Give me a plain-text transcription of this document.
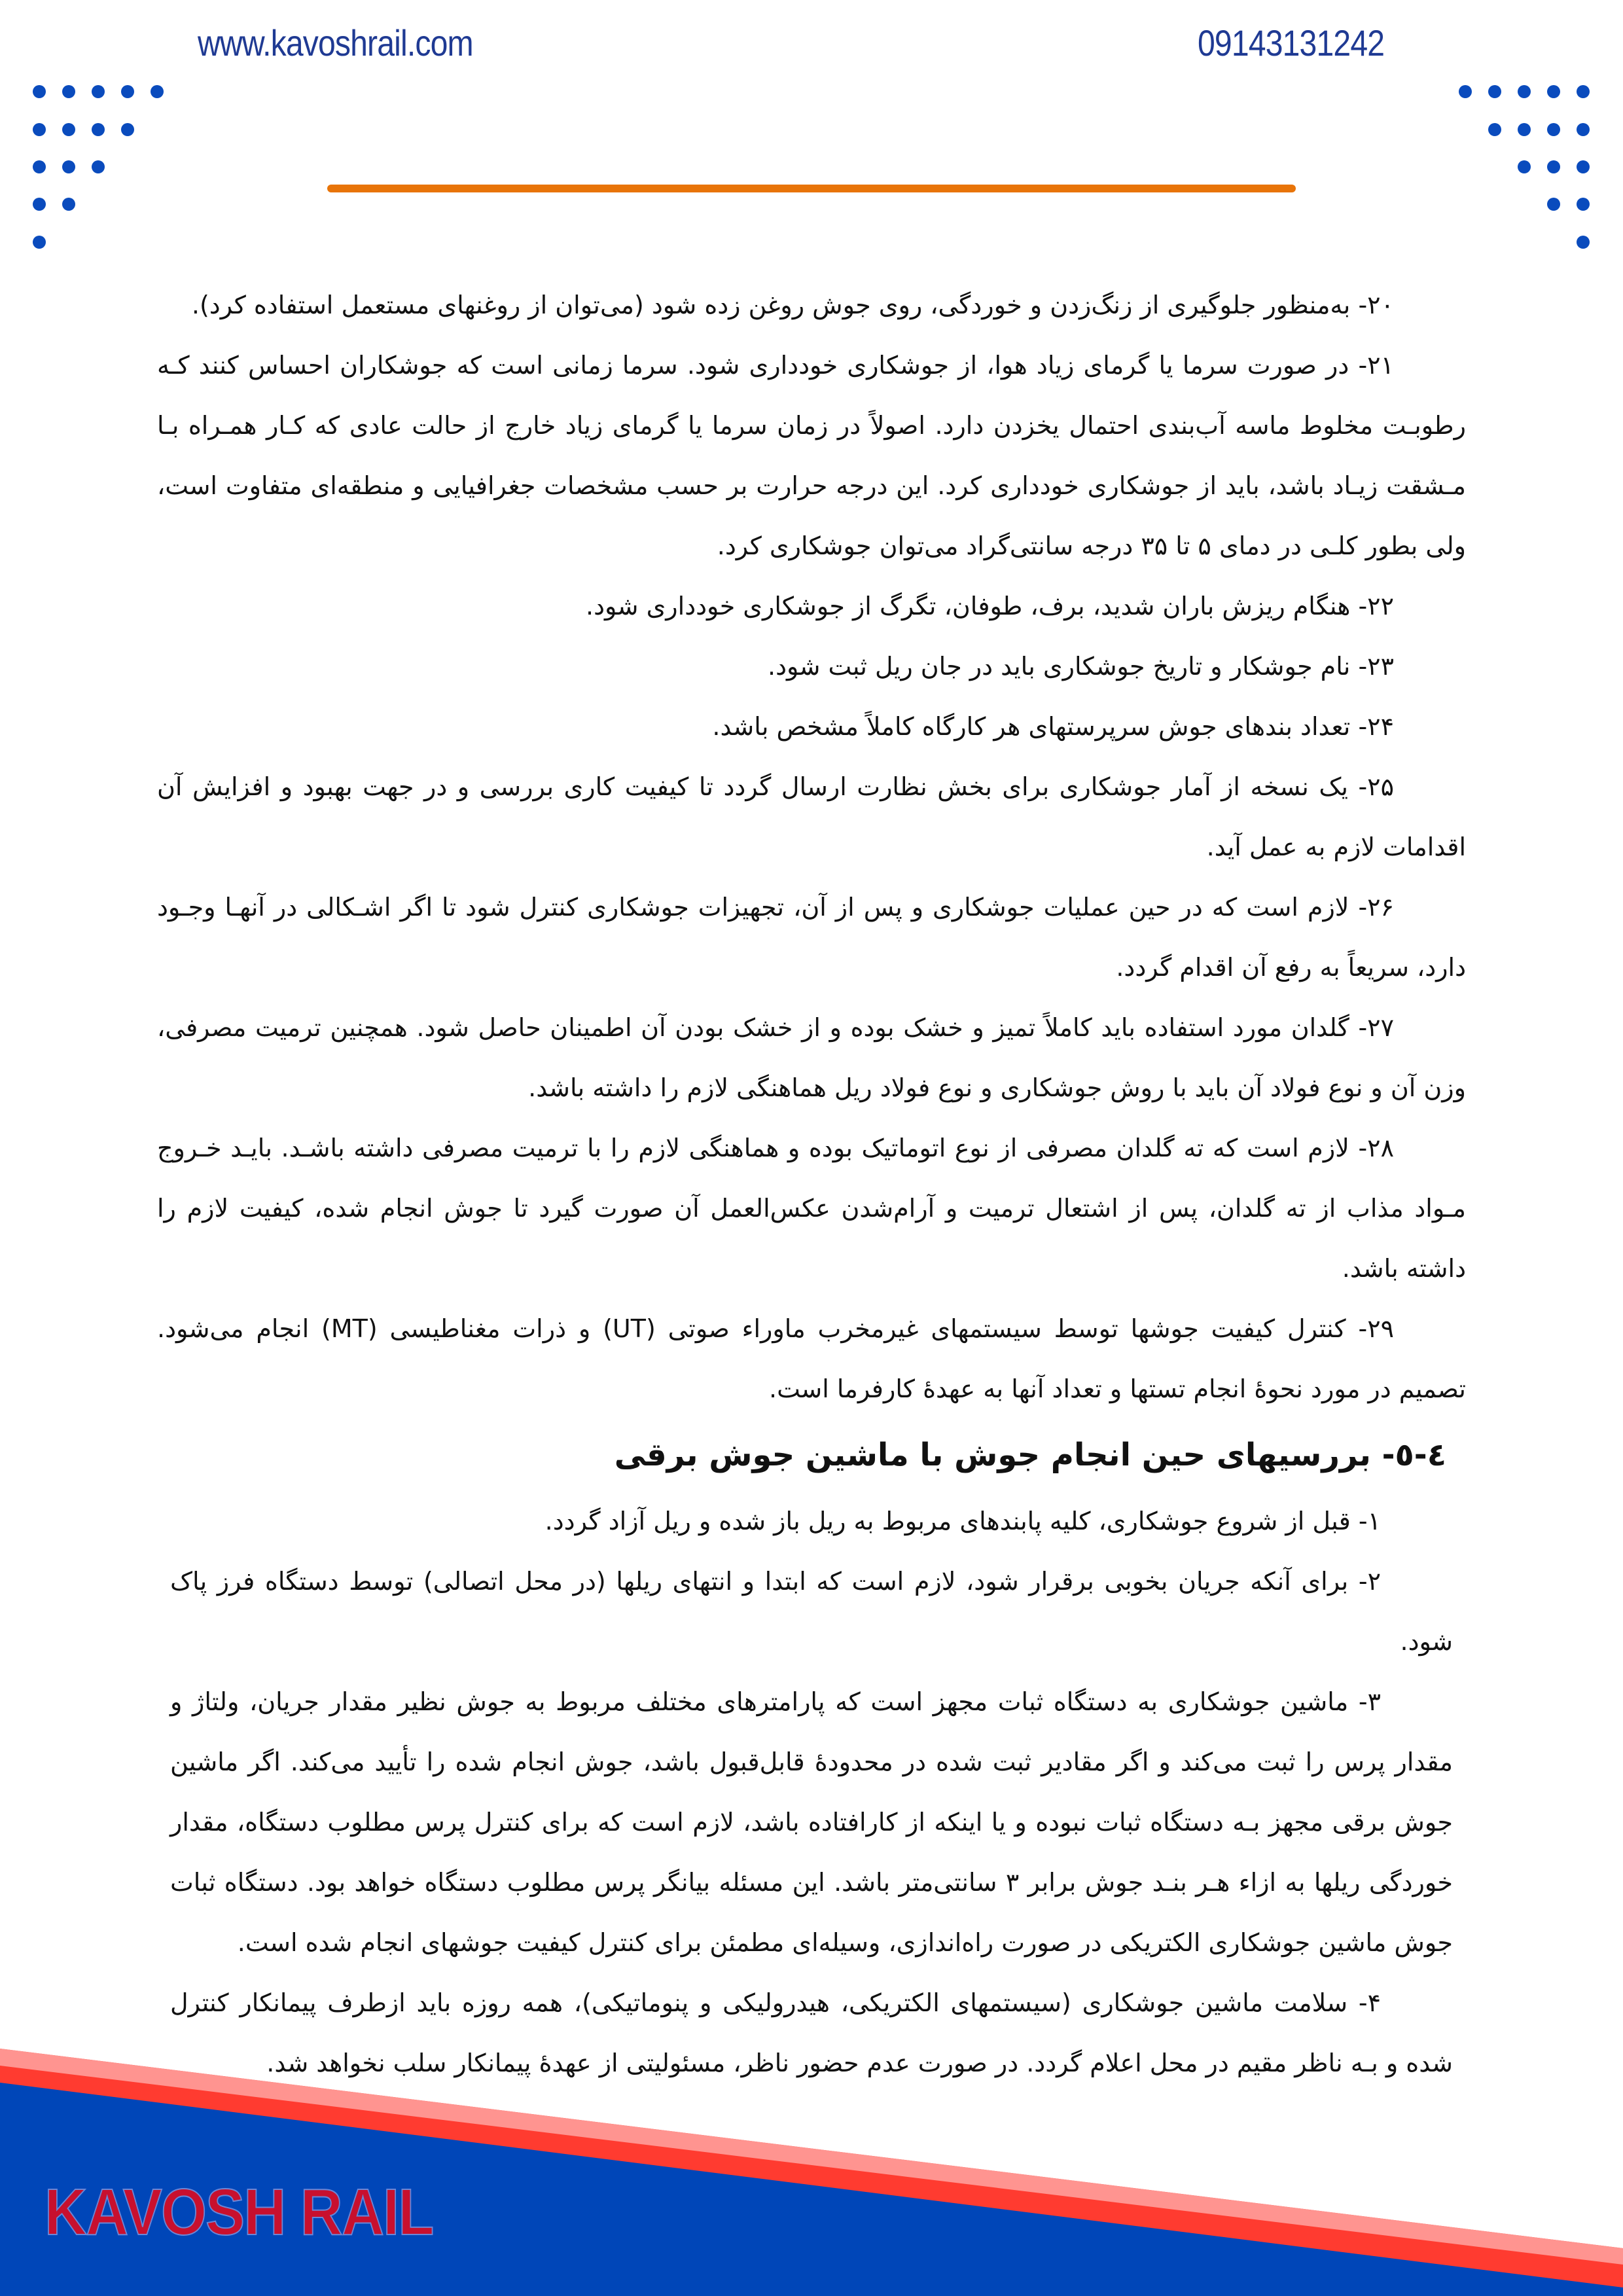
www.kavoshrail.com	09143131242

۲۰- به‌منظور جلوگیری از زنگ‌زدن و خوردگی، روی جوش روغن زده شود (می‌توان از روغنهای مستعمل استفاده کرد).

۲۱- در صورت سرما یا گرمای زیاد هوا، از جوشکاری خودداری شود. سرما زمانی است که جوشکاران احساس کنند کـه رطوبـت مخلوط ماسه آب‌بندی احتمال یخزدن دارد. اصولاً در زمان سرما یا گرمای زیاد خارج از حالت عادی که کـار همـراه بـا مـشقت زیـاد باشد، باید از جوشکاری خودداری کرد. این درجه حرارت بر حسب مشخصات جغرافیایی و منطقه‌ای متفاوت است، ولی بطور کلـی در دمای ۵ تا ۳۵ درجه سانتی‌گراد می‌توان جوشکاری کرد.

۲۲- هنگام ریزش باران شدید، برف، طوفان، تگرگ از جوشکاری خودداری شود.

۲۳- نام جوشکار و تاریخ جوشکاری باید در جان ریل ثبت شود.

۲۴- تعداد بندهای جوش سرپرستهای هر کارگاه کاملاً مشخص باشد.

۲۵- یک نسخه از آمار جوشکاری برای بخش نظارت ارسال گردد تا کیفیت کاری بررسی و در جهت بهبود و افزایش آن اقدامات لازم به عمل آید.

۲۶- لازم است که در حین عملیات جوشکاری و پس از آن، تجهیزات جوشکاری کنترل شود تا اگر اشـکالی در آنهـا وجـود دارد، سریعاً به رفع آن اقدام گردد.

۲۷- گلدان مورد استفاده باید کاملاً تمیز و خشک بوده و از خشک بودن آن اطمینان حاصل شود. همچنین ترمیت مصرفی، وزن آن و نوع فولاد آن باید با روش جوشکاری و نوع فولاد ریل هماهنگی لازم را داشته باشد.

۲۸- لازم است که ته گلدان مصرفی از نوع اتوماتیک بوده و هماهنگی لازم را با ترمیت مصرفی داشته باشـد. بایـد خـروج مـواد مذاب از ته گلدان، پس از اشتعال ترمیت و آرام‌شدن عکس‌العمل آن صورت گیرد تا جوش انجام شده، کیفیت لازم را داشته باشد.

۲۹- کنترل کیفیت جوشها توسط سیستمهای غیرمخرب ماوراء صوتی (UT) و ذرات مغناطیسی (MT) انجام می‌شود. تصمیم در مورد نحوهٔ انجام تستها و تعداد آنها به عهدهٔ کارفرما است.

٤-٥- بررسیهای حین انجام جوش با ماشین جوش برقی

۱- قبل از شروع جوشکاری، کلیه پابندهای مربوط به ریل باز شده و ریل آزاد گردد.

۲- برای آنکه جریان بخوبی برقرار شود، لازم است که ابتدا و انتهای ریلها (در محل اتصالی) توسط دستگاه فرز پاک شود.

۳- ماشین جوشکاری به دستگاه ثبات مجهز است که پارامترهای مختلف مربوط به جوش نظیر مقدار جریان، ولتاژ و مقدار پرس را ثبت می‌کند و اگر مقادیر ثبت شده در محدودهٔ قابل‌قبول باشد، جوش انجام شده را تأیید می‌کند. اگر ماشین جوش برقی مجهز بـه دستگاه ثبات نبوده و یا اینکه از کارافتاده باشد، لازم است که برای کنترل پرس مطلوب دستگاه، مقدار خوردگی ریلها به ازاء هـر بنـد جوش برابر ۳ سانتی‌متر باشد. این مسئله بیانگر پرس مطلوب دستگاه خواهد بود. دستگاه ثبات جوش ماشین جوشکاری الکتریکی در صورت راه‌اندازی، وسیله‌ای مطمئن برای کنترل کیفیت جوشهای انجام شده است.

۴- سلامت ماشین جوشکاری (سیستمهای الکتریکی، هیدرولیکی و پنوماتیکی)، همه روزه باید ازطرف پیمانکار کنترل شده و بـه ناظر مقیم در محل اعلام گردد. در صورت عدم حضور ناظر، مسئولیتی از عهدهٔ پیمانکار سلب نخواهد شد.

KAVOSH RAIL
